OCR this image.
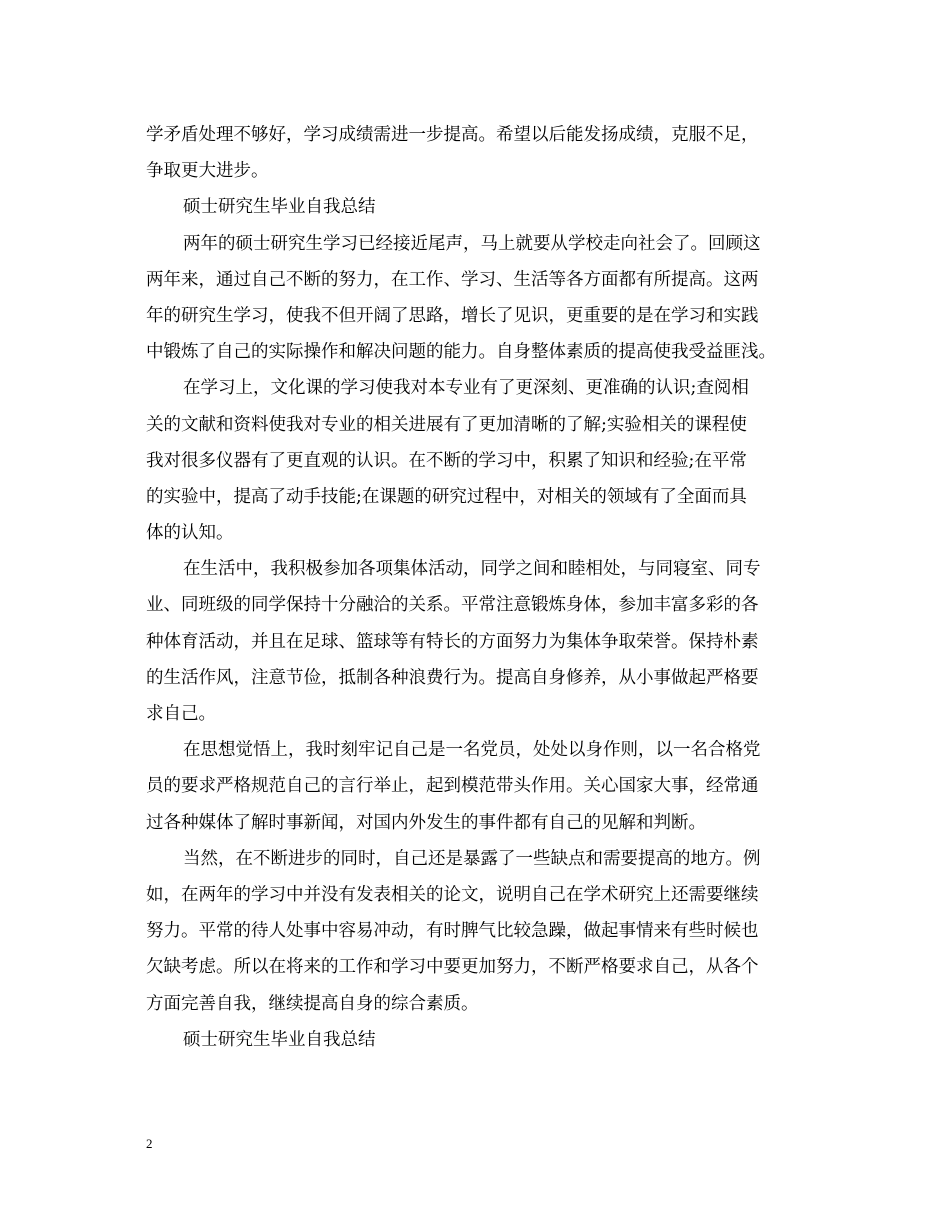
学矛盾处理不够好，学习成绩需进一步提高。希望以后能发扬成绩，克服不足，
争取更大进步。
硕士研究生毕业自我总结
两年的硕士研究生学习已经接近尾声，马上就要从学校走向社会了。回顾这
两年来，通过自己不断的努力，在工作、学习、生活等各方面都有所提高。这两
年的研究生学习，使我不但开阔了思路，增长了见识，更重要的是在学习和实践
中锻炼了自己的实际操作和解决问题的能力。自身整体素质的提高使我受益匪浅。
在学习上，文化课的学习使我对本专业有了更深刻、更准确的认识;查阅相
关的文献和资料使我对专业的相关进展有了更加清晰的了解;实验相关的课程使
我对很多仪器有了更直观的认识。在不断的学习中，积累了知识和经验;在平常
的实验中，提高了动手技能;在课题的研究过程中，对相关的领域有了全面而具
体的认知。
在生活中，我积极参加各项集体活动，同学之间和睦相处，与同寝室、同专
业、同班级的同学保持十分融洽的关系。平常注意锻炼身体，参加丰富多彩的各
种体育活动，并且在足球、篮球等有特长的方面努力为集体争取荣誉。保持朴素
的生活作风，注意节俭，抵制各种浪费行为。提高自身修养，从小事做起严格要
求自己。
在思想觉悟上，我时刻牢记自己是一名党员，处处以身作则，以一名合格党
员的要求严格规范自己的言行举止，起到模范带头作用。关心国家大事，经常通
过各种媒体了解时事新闻，对国内外发生的事件都有自己的见解和判断。
当然，在不断进步的同时，自己还是暴露了一些缺点和需要提高的地方。例
如，在两年的学习中并没有发表相关的论文，说明自己在学术研究上还需要继续
努力。平常的待人处事中容易冲动，有时脾气比较急躁，做起事情来有些时候也
欠缺考虑。所以在将来的工作和学习中要更加努力，不断严格要求自己，从各个
方面完善自我，继续提高自身的综合素质。
硕士研究生毕业自我总结
2
